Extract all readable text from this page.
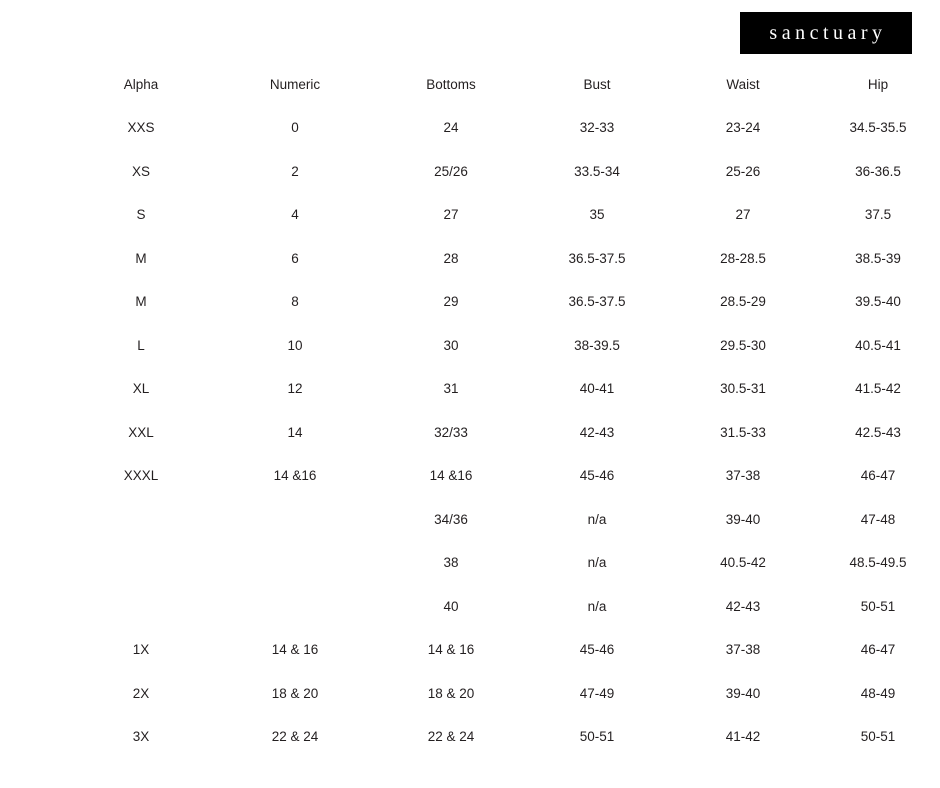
sanctuary
	Alpha	Numeric	Bottoms	Bust	Waist	Hip
	XXS	0	24	32-33	23-24	34.5-35.5
	XS	2	25/26	33.5-34	25-26	36-36.5
	S	4	27	35	27	37.5
	M	6	28	36.5-37.5	28-28.5	38.5-39
	M	8	29	36.5-37.5	28.5-29	39.5-40
	L	10	30	38-39.5	29.5-30	40.5-41
	XL	12	31	40-41	30.5-31	41.5-42
	XXL	14	32/33	42-43	31.5-33	42.5-43
	XXXL	14 &16	14 &16	45-46	37-38	46-47
			34/36	n/a	39-40	47-48
			38	n/a	40.5-42	48.5-49.5
			40	n/a	42-43	50-51
	1X	14 & 16	14 & 16	45-46	37-38	46-47
	2X	18 & 20	18 & 20	47-49	39-40	48-49
	3X	22 & 24	22 & 24	50-51	41-42	50-51
